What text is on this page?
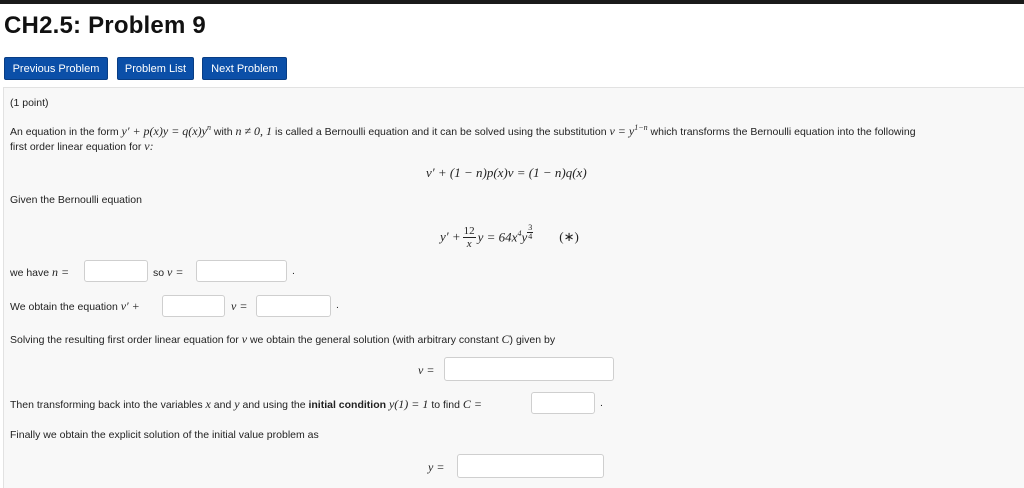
CH2.5: Problem 9
Previous Problem	Problem List	Next Problem
(1 point)
An equation in the form $y' + p(x)y = q(x)y^n$ with n ≠ 0, 1 is called a Bernoulli equation and it can be solved using the substitution $v = y^{1-n}$ which transforms the Bernoulli equation into the following
first order linear equation for v:
v′ + (1 − n)p(x)v = (1 − n)q(x)
Given the Bernoulli equation
$y' + \frac{12}{x}$ $y = 64x^4y \frac{3}{4}$ (∗)
we have n =	so v =	.
We obtain the equation v′ +	v =	.
Solving the resulting first order linear equation for v we obtain the general solution (with arbitrary constant C) given by
v =
Then transforming back into the variables x and y and using the initial condition y(1) = 1 to find C =	.
Finally we obtain the explicit solution of the initial value problem as
y =
